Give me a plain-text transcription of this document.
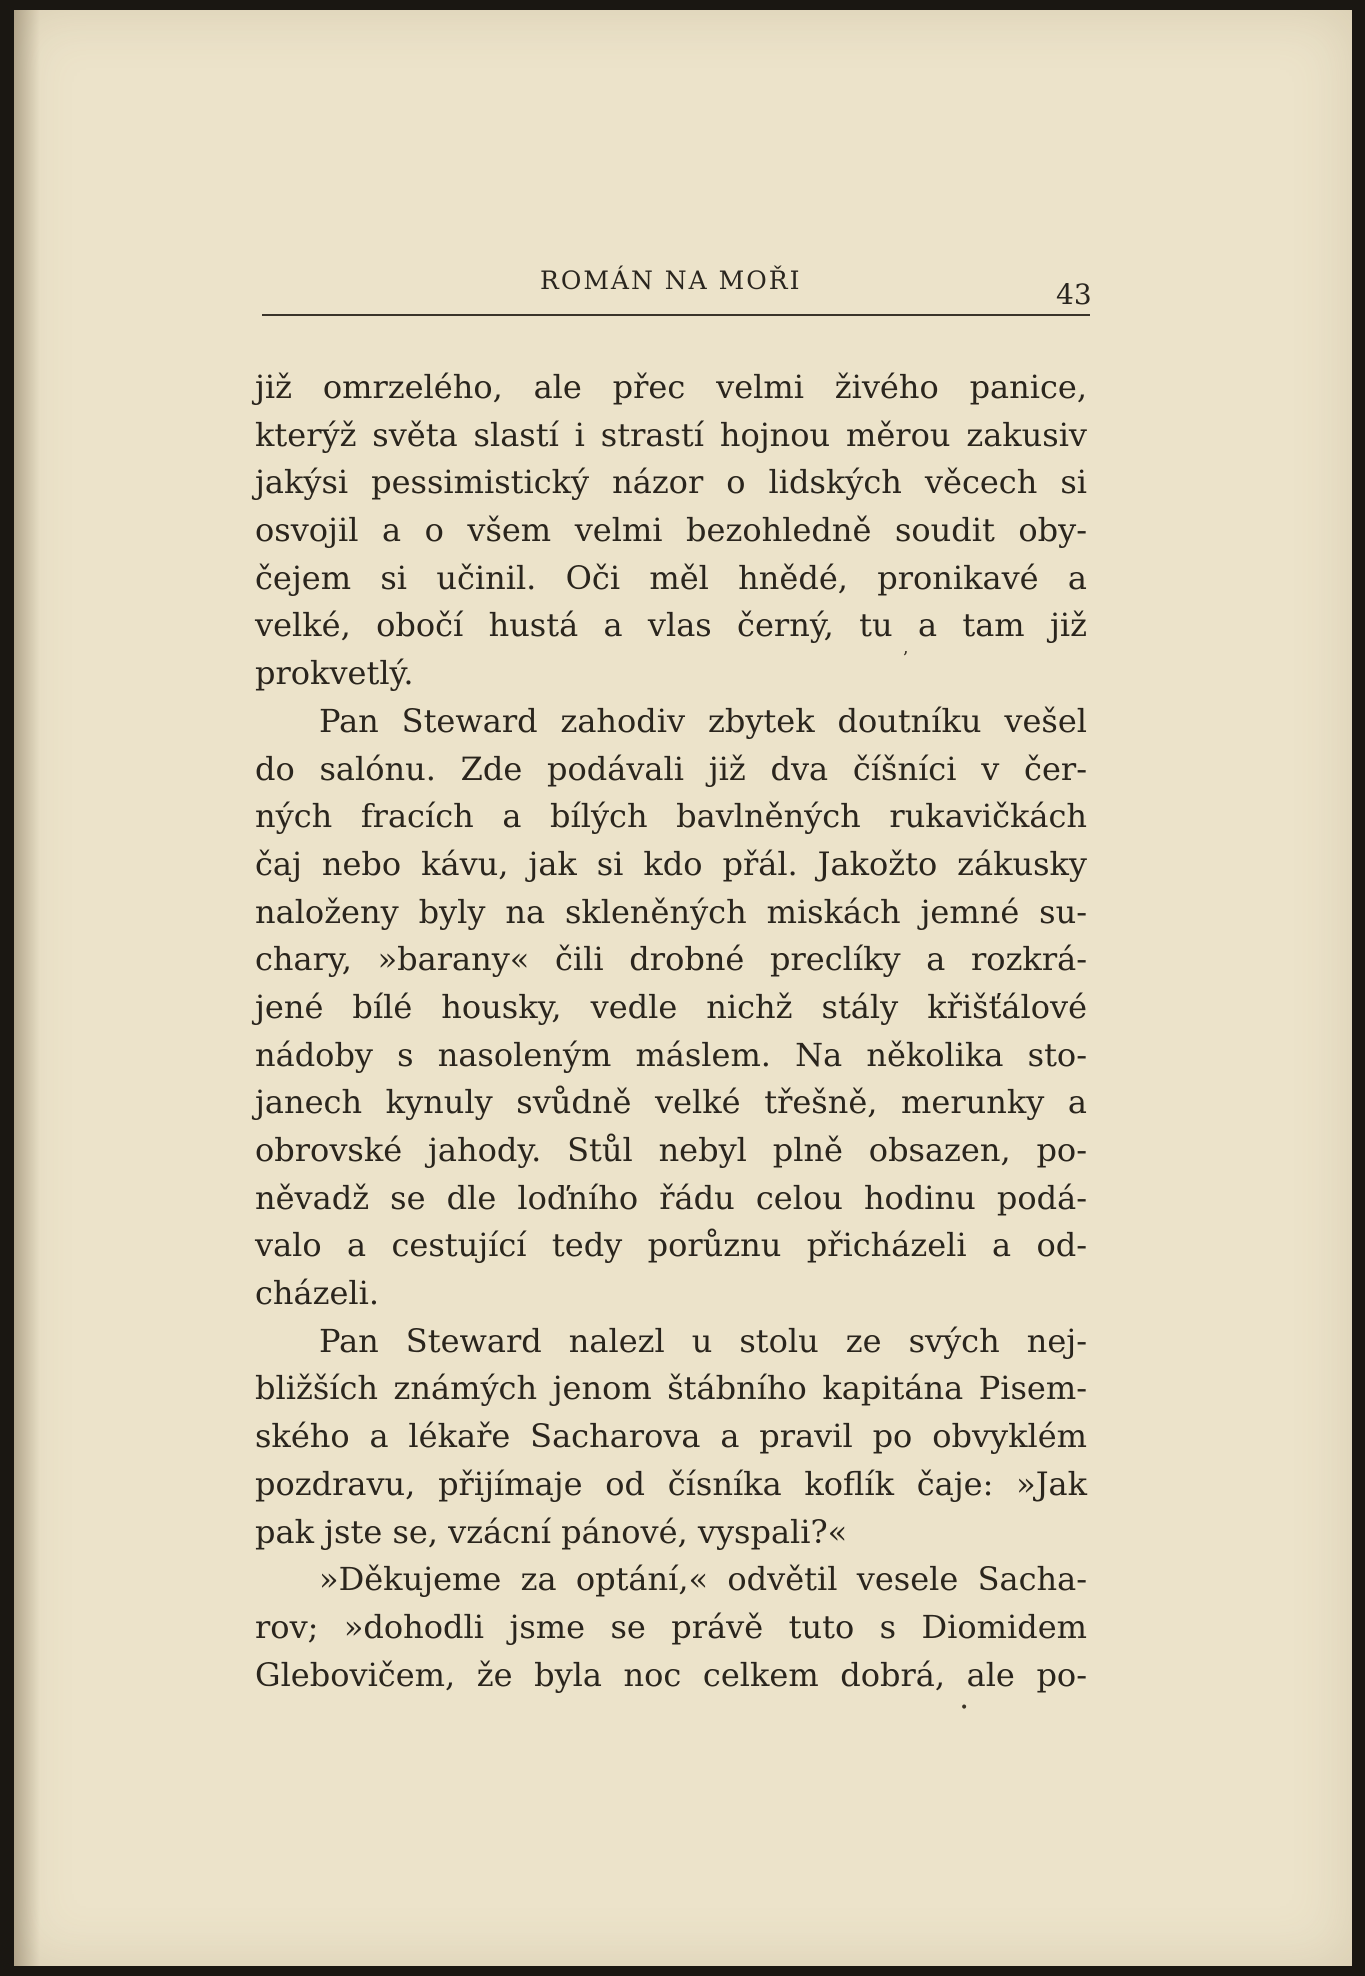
ROMÁN NA MOŘI	43
již omrzelého, ale přec velmi živého panice,
kterýž světa slastí i strastí hojnou měrou zakusiv
jakýsi pessimistický názor o lidských věcech si
osvojil a o všem velmi bezohledně soudit oby-
čejem si učinil. Oči měl hnědé, pronikavé a
velké, obočí hustá a vlas černý, tu a tam již
prokvetlý.
Pan Steward zahodiv zbytek doutníku vešel
do salónu. Zde podávali již dva číšníci v čer-
ných fracích a bílých bavlněných rukavičkách
čaj nebo kávu, jak si kdo přál. Jakožto zákusky
naloženy byly na skleněných miskách jemné su-
chary, »barany« čili drobné preclíky a rozkrá-
jené bílé housky, vedle nichž stály křišťálové
nádoby s nasoleným máslem. Na několika sto-
janech kynuly svůdně velké třešně, merunky a
obrovské jahody. Stůl nebyl plně obsazen, po-
něvadž se dle loďního řádu celou hodinu podá-
valo a cestující tedy porůznu přicházeli a od-
cházeli.
Pan Steward nalezl u stolu ze svých nej-
bližších známých jenom štábního kapitána Pisem-
ského a lékaře Sacharova a pravil po obvyklém
pozdravu, přijímaje od čísníka koflík čaje: »Jak
pak jste se, vzácní pánové, vyspali?«
»Děkujeme za optání,« odvětil vesele Sacha-
rov; »dohodli jsme se právě tuto s Diomidem
Glebovičem, že byla noc celkem dobrá, ale po-
•
ʼ
